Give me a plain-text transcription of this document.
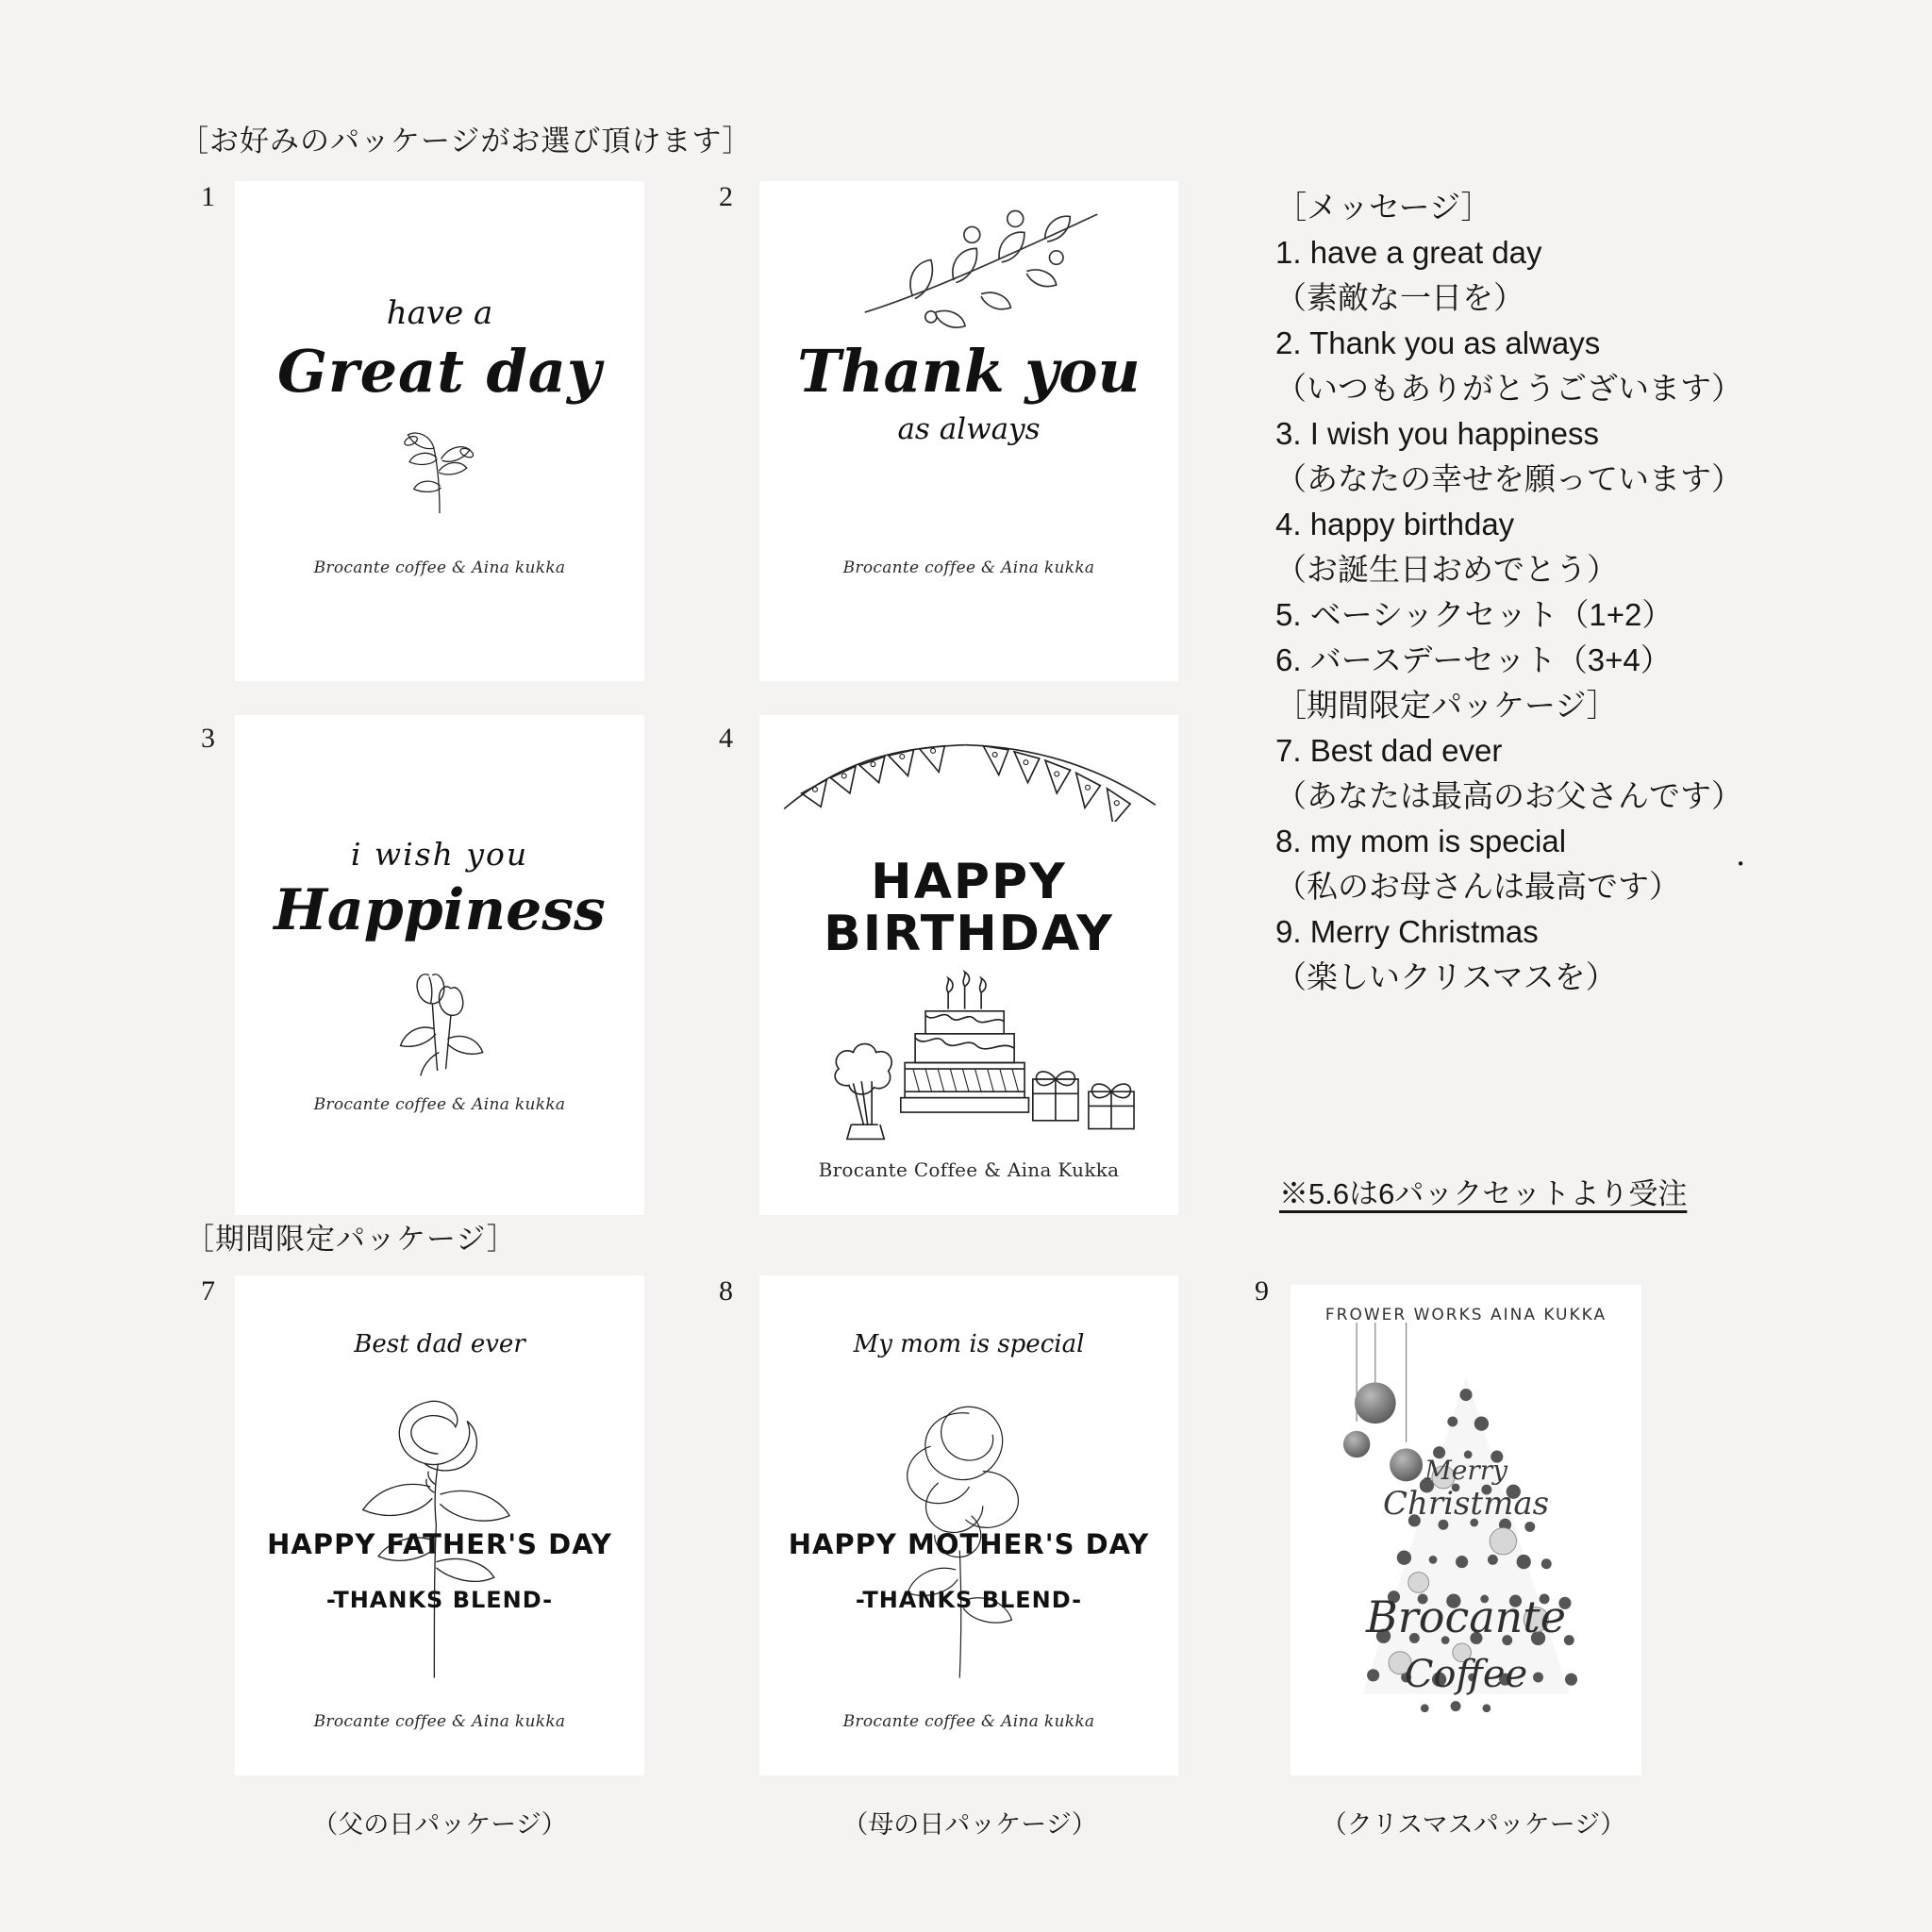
［お好みのパッケージがお選び頂けます］
［期間限定パッケージ］
1
have a
Great day
Brocante coffee & Aina kukka
2
Thank you
as always
Brocante coffee & Aina kukka
3
i wish you
Happiness
Brocante coffee & Aina kukka
4
HAPPY
BIRTHDAY
Brocante Coffee & Aina Kukka
7
Best dad ever
HAPPY FATHER'S DAY
-THANKS BLEND-
Brocante coffee & Aina kukka
（父の日パッケージ）
8
My mom is special
HAPPY MOTHER'S DAY
-THANKS BLEND-
Brocante coffee & Aina kukka
（母の日パッケージ）
9
FROWER WORKS AINA KUKKA
Merry
Christmas
Brocante
Coffee
（クリスマスパッケージ）
［メッセージ］
1. have a great day
（素敵な一日を）
2. Thank you as always
（いつもありがとうございます）
3. I wish you happiness
（あなたの幸せを願っています）
4. happy birthday
（お誕生日おめでとう）
5. ベーシックセット（1+2）
6. バースデーセット（3+4）
［期間限定パッケージ］
7. Best dad ever
（あなたは最高のお父さんです）
8. my mom is special
（私のお母さんは最高です）
9. Merry Christmas
（楽しいクリスマスを）
．
※5.6は6パックセットより受注
